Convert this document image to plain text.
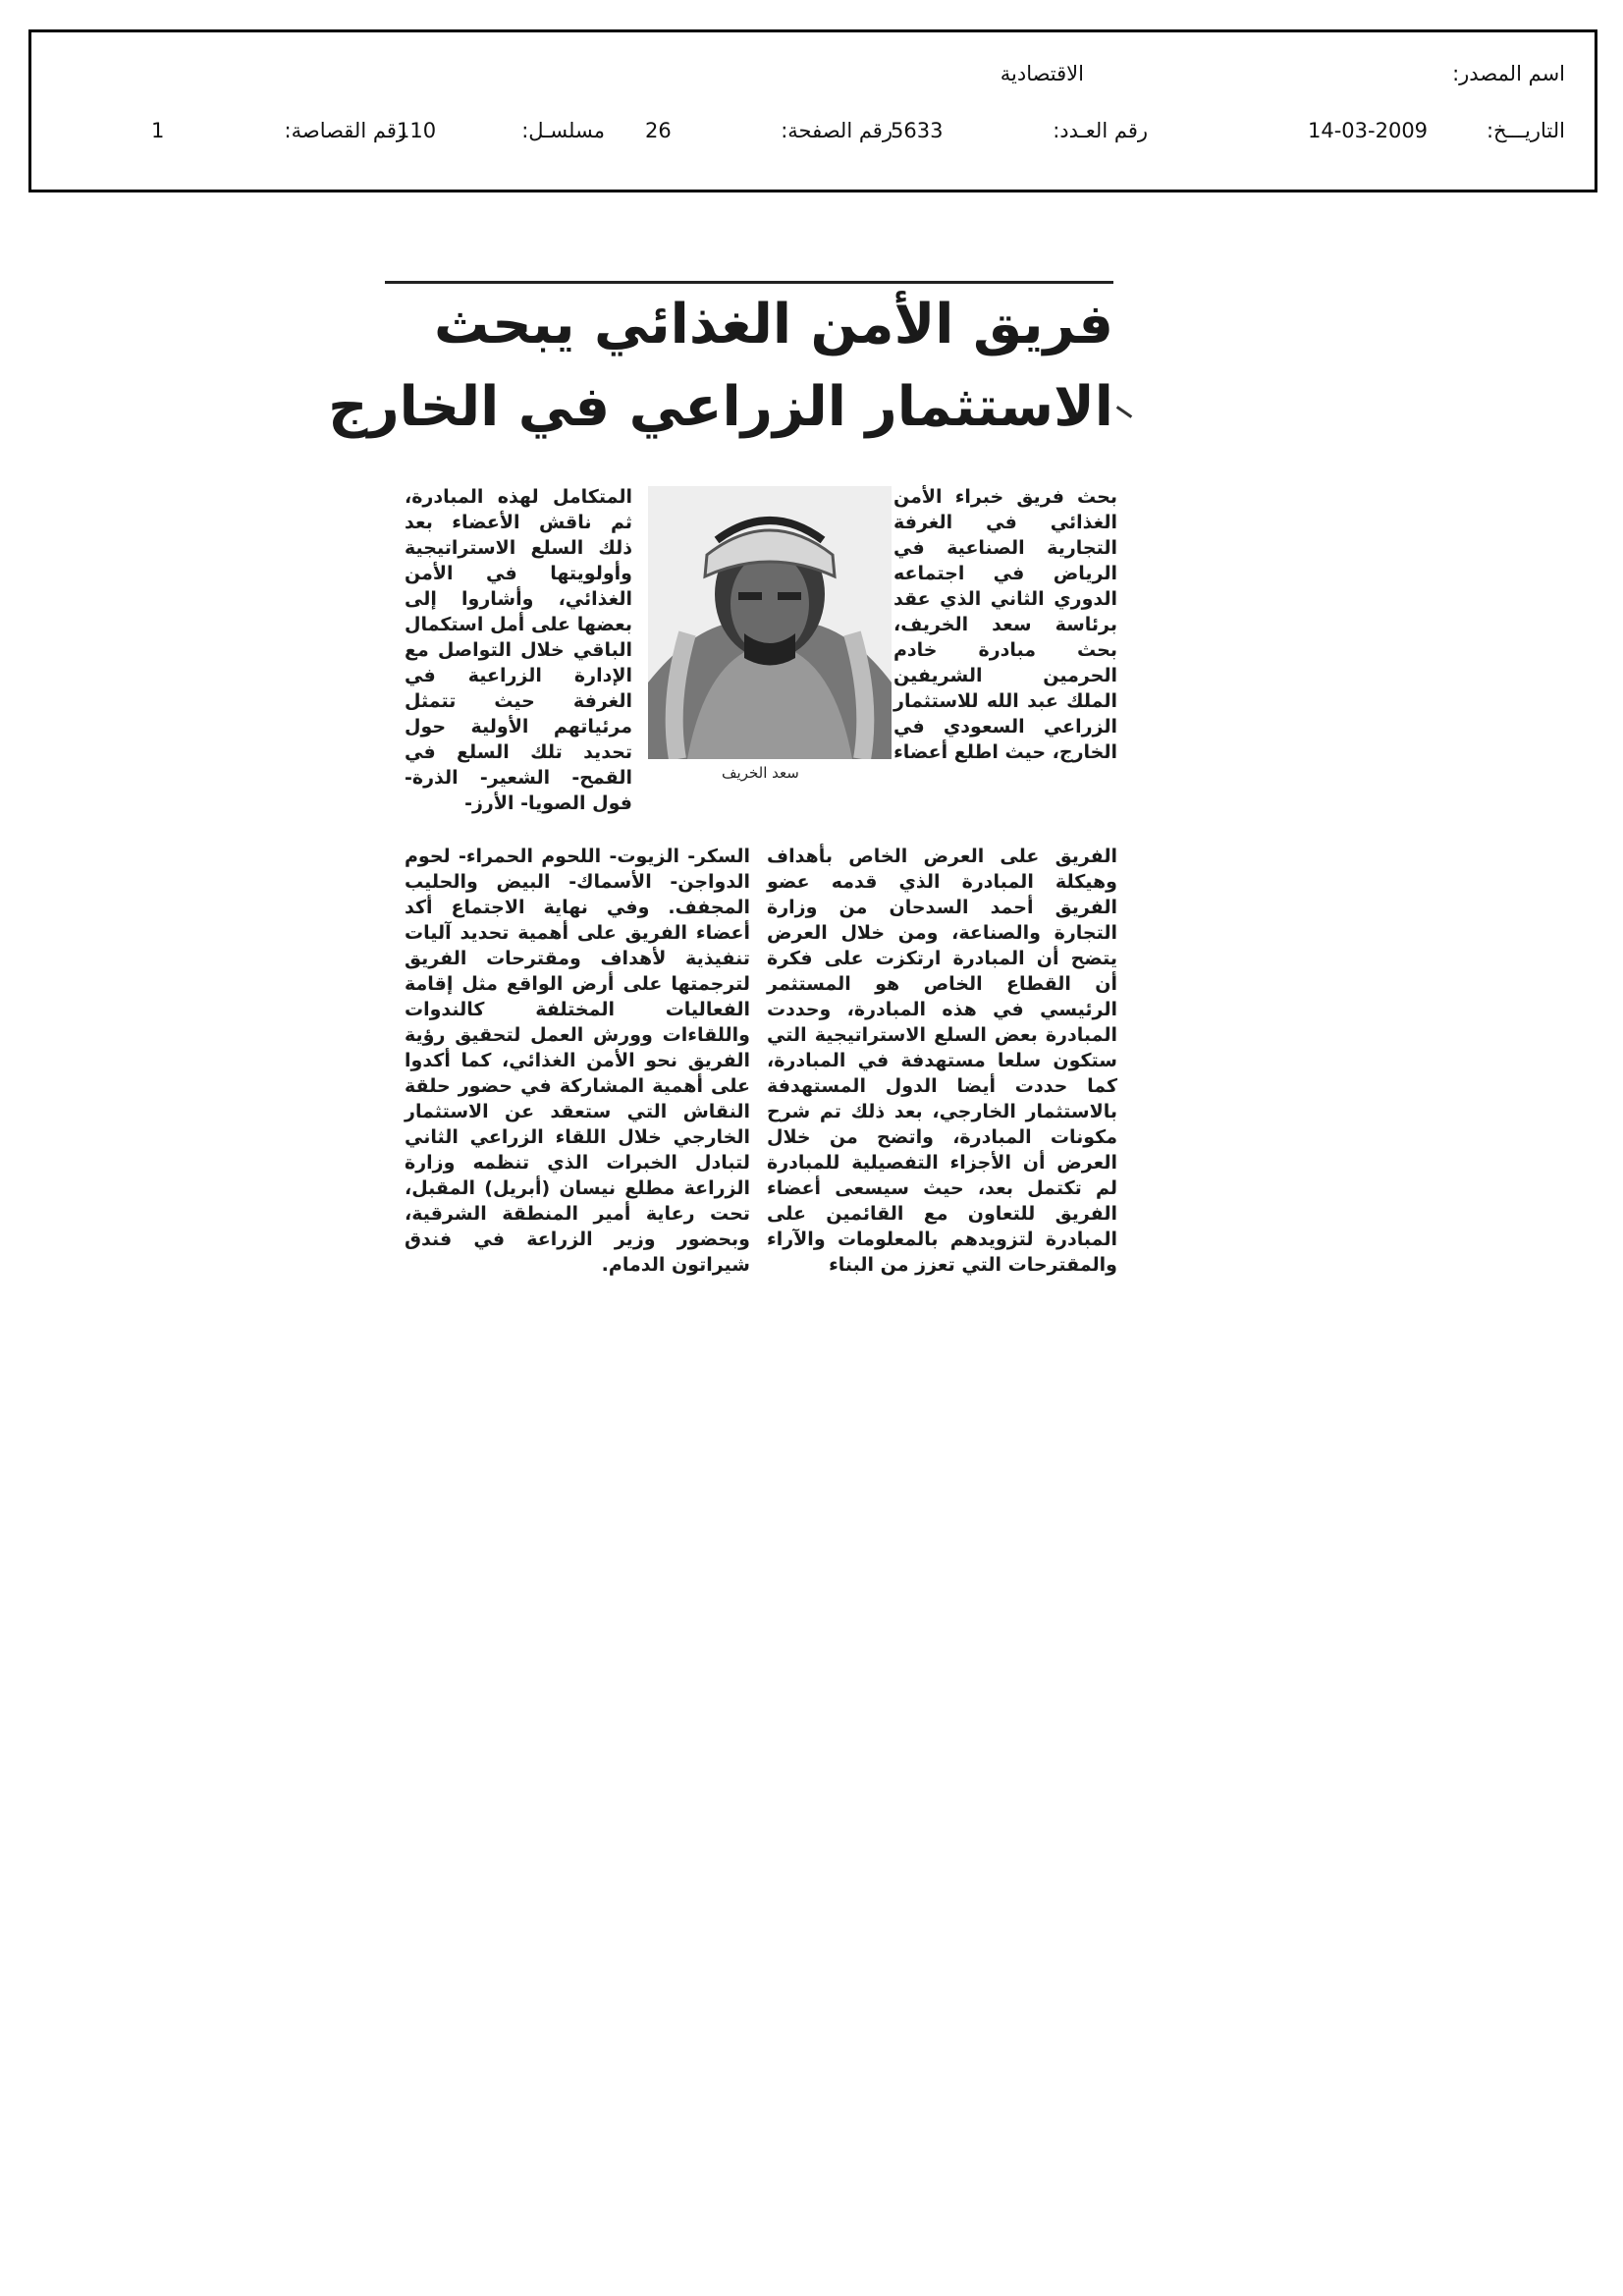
اسم المصدر:
الاقتصادية
التاريـــخ:
14-03-2009
رقم العـدد:
5633
رقم الصفحة:
26
مسلسـل:
110
رقم القصاصة:
1
فريق الأمن الغذائي يبحث
الاستثمار الزراعي في الخارج

بحث فريق خبراء الأمن الغذائي في الغرفة التجارية الصناعية في الرياض في اجتماعه الدوري الثاني الذي عقد برئاسة سعد الخريف، بحث مبادرة خادم الحرمين الشريفين الملك عبد الله للاستثمار الزراعي السعودي في الخارج، حيث اطلع أعضاء

سعد الخريف

المتكامل لهذه المبادرة، ثم ناقش الأعضاء بعد ذلك السلع الاستراتيجية وأولويتها في الأمن الغذائي، وأشاروا إلى بعضها على أمل استكمال الباقي خلال التواصل مع الإدارة الزراعية في الغرفة حيث تتمثل مرئياتهم الأولية حول تحديد تلك السلع في القمح- الشعير- الذرة- فول الصويا- الأرز-

الفريق على العرض الخاص بأهداف وهيكلة المبادرة الذي قدمه عضو الفريق أحمد السدحان من وزارة التجارة والصناعة، ومن خلال العرض يتضح أن المبادرة ارتكزت على فكرة أن القطاع الخاص هو المستثمر الرئيسي في هذه المبادرة، وحددت المبادرة بعض السلع الاستراتيجية التي ستكون سلعا مستهدفة في المبادرة، كما حددت أيضا الدول المستهدفة بالاستثمار الخارجي، بعد ذلك تم شرح مكونات المبادرة، واتضح من خلال العرض أن الأجزاء التفصيلية للمبادرة لم تكتمل بعد، حيث سيسعى أعضاء الفريق للتعاون مع القائمين على المبادرة لتزويدهم بالمعلومات والآراء والمقترحات التي تعزز من البناء

السكر- الزيوت- اللحوم الحمراء- لحوم الدواجن- الأسماك- البيض والحليب المجفف. وفي نهاية الاجتماع أكد أعضاء الفريق على أهمية تحديد آليات تنفيذية لأهداف ومقترحات الفريق لترجمتها على أرض الواقع مثل إقامة الفعاليات المختلفة كالندوات واللقاءات وورش العمل لتحقيق رؤية الفريق نحو الأمن الغذائي، كما أكدوا على أهمية المشاركة في حضور حلقة النقاش التي ستعقد عن الاستثمار الخارجي خلال اللقاء الزراعي الثاني لتبادل الخبرات الذي تنظمه وزارة الزراعة مطلع نيسان (أبريل) المقبل، تحت رعاية أمير المنطقة الشرقية، وبحضور وزير الزراعة في فندق شيراتون الدمام.
